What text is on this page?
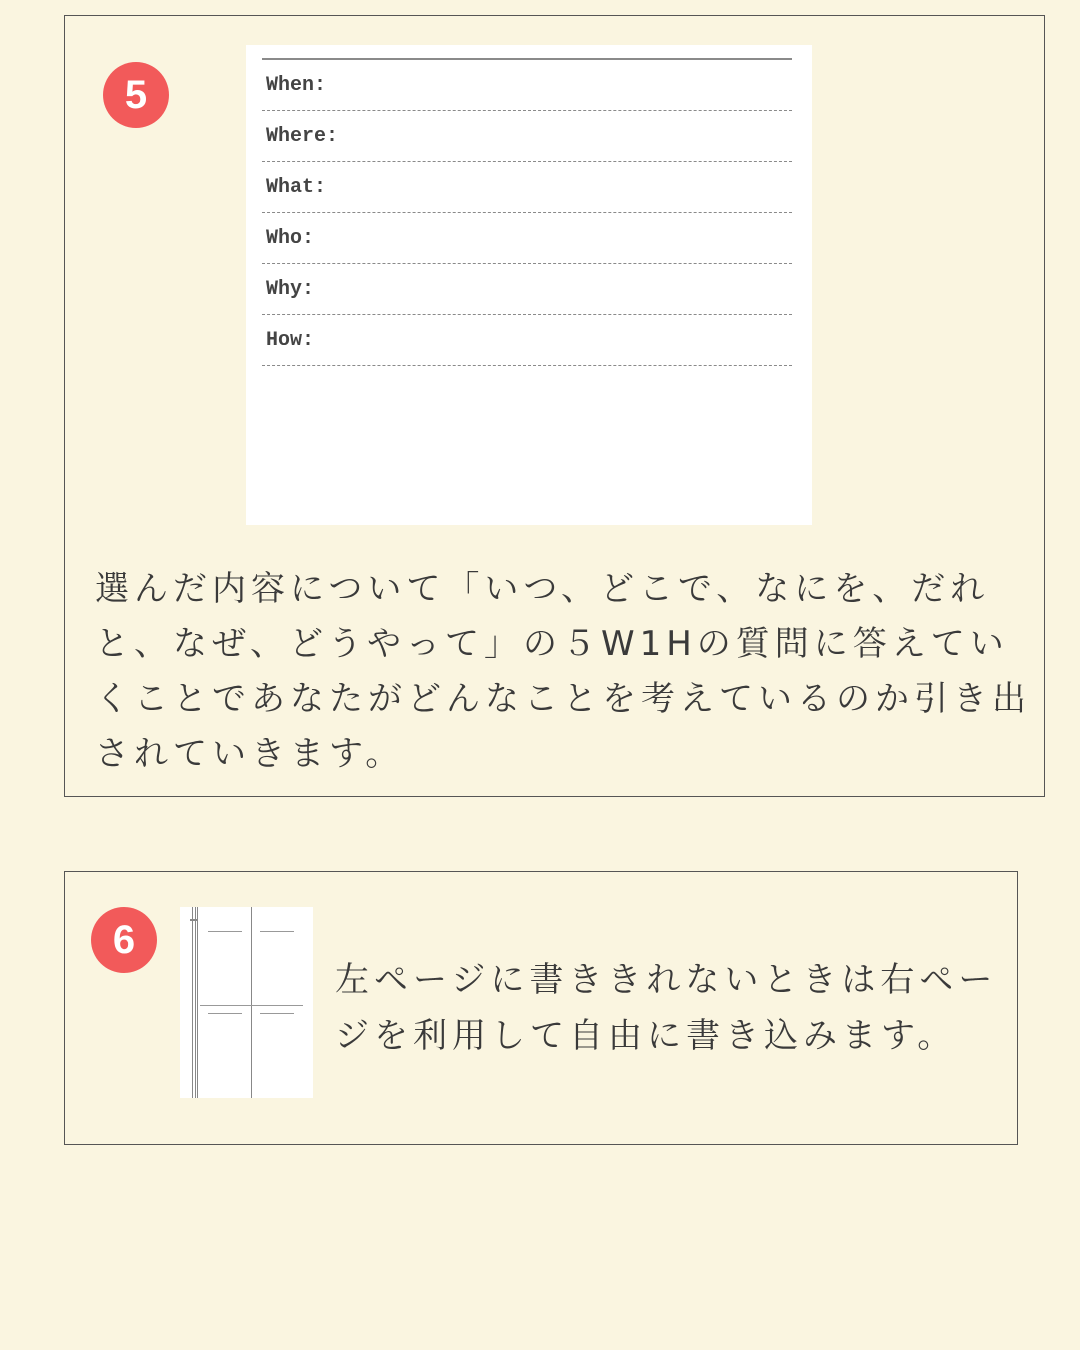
5	When:
Where:
What:
Who:
Why:
How:

選んだ内容について「いつ、どこで、なにを、だれと、なぜ、どうやって」の５W1Hの質問に答えていくことであなたがどんなことを考えているのか引き出されていきます。

6

左ページに書ききれないときは右ページを利用して自由に書き込みます。
